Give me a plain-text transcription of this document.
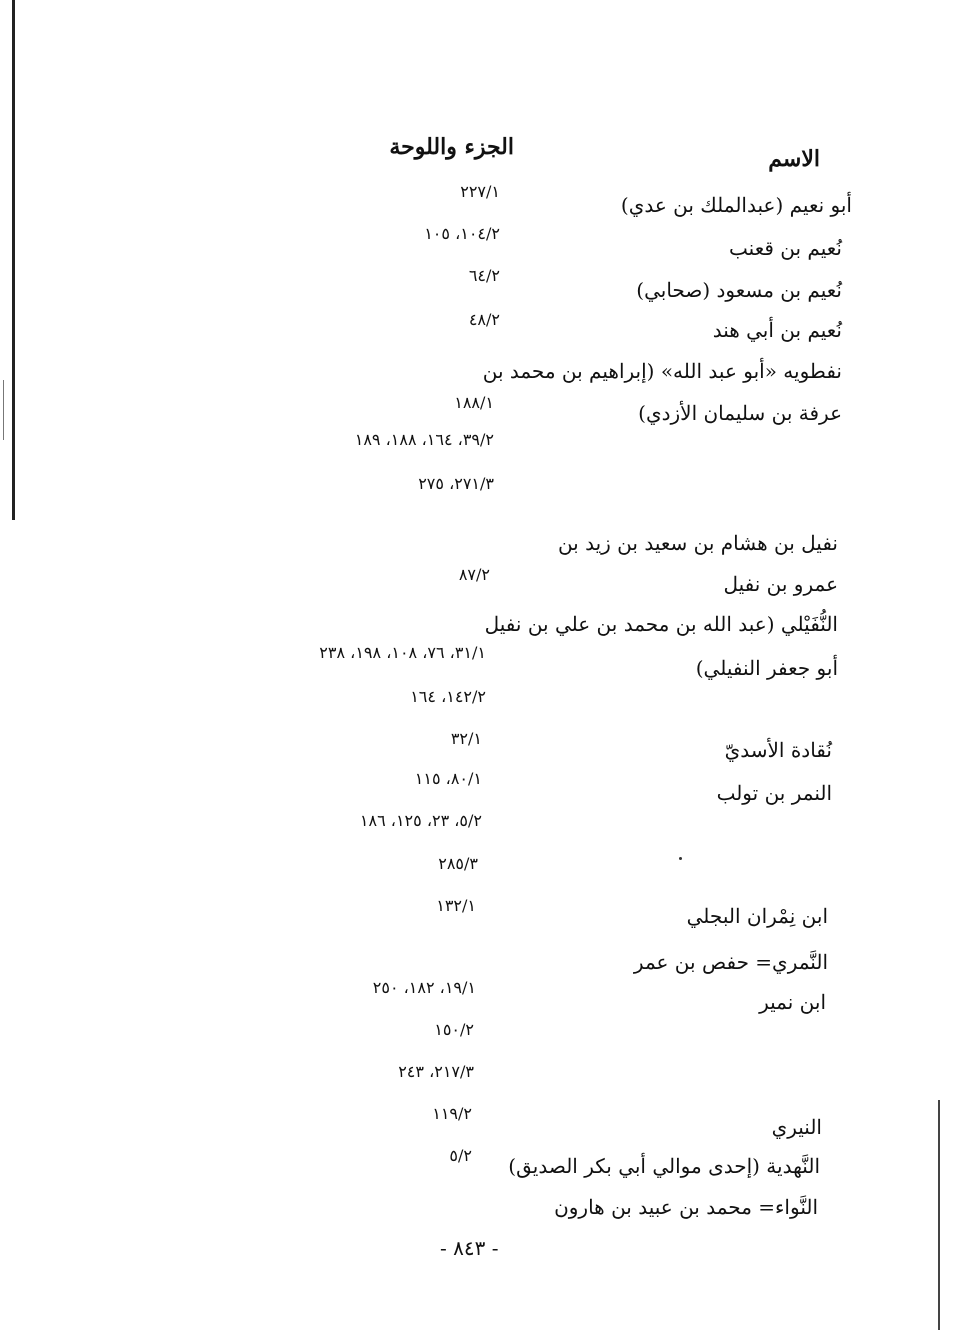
الاسم
الجزء واللوحة
أبو نعيم (عبدالملك بن عدي)
نُعيم بن قعنب
نُعيم بن مسعود (صحابي)
نُعيم بن أبي هند
نفطويه «أبو عبد الله» (إبراهيم بن محمد بن
عرفة بن سليمان الأزدي)
نفيل بن هشام بن سعيد بن زيد بن
عمرو بن نفيل
النُّفَيْلي (عبد الله بن محمد بن علي بن نفيل
أبو جعفر النفيلي)
نُقادة الأسديّ
النمر بن تولب
ابن نِمْران البجلي
النَّمري= حفص بن عمر
ابن نمير
النيري
النَّهدية (إحدى موالي أبي بكر الصديق)
النَّواء= محمد بن عبيد بن هارون
٢٢٧/١
١٠٤/٢، ١٠٥
٦٤/٢
٤٨/٢
١٨٨/١
٣٩/٢، ١٦٤، ١٨٨، ١٨٩
٢٧١/٣، ٢٧٥
٨٧/٢
٣١/١، ٧٦، ١٠٨، ١٩٨، ٢٣٨
١٤٢/٢، ١٦٤
٣٢/١
٨٠/١، ١١٥
٥/٢، ٢٣، ١٢٥، ١٨٦
٢٨٥/٣
١٣٢/١
١٩/١، ١٨٢، ٢٥٠
١٥٠/٢
٢١٧/٣، ٢٤٣
١١٩/٢
٥/٢
- ٨٤٣ -
